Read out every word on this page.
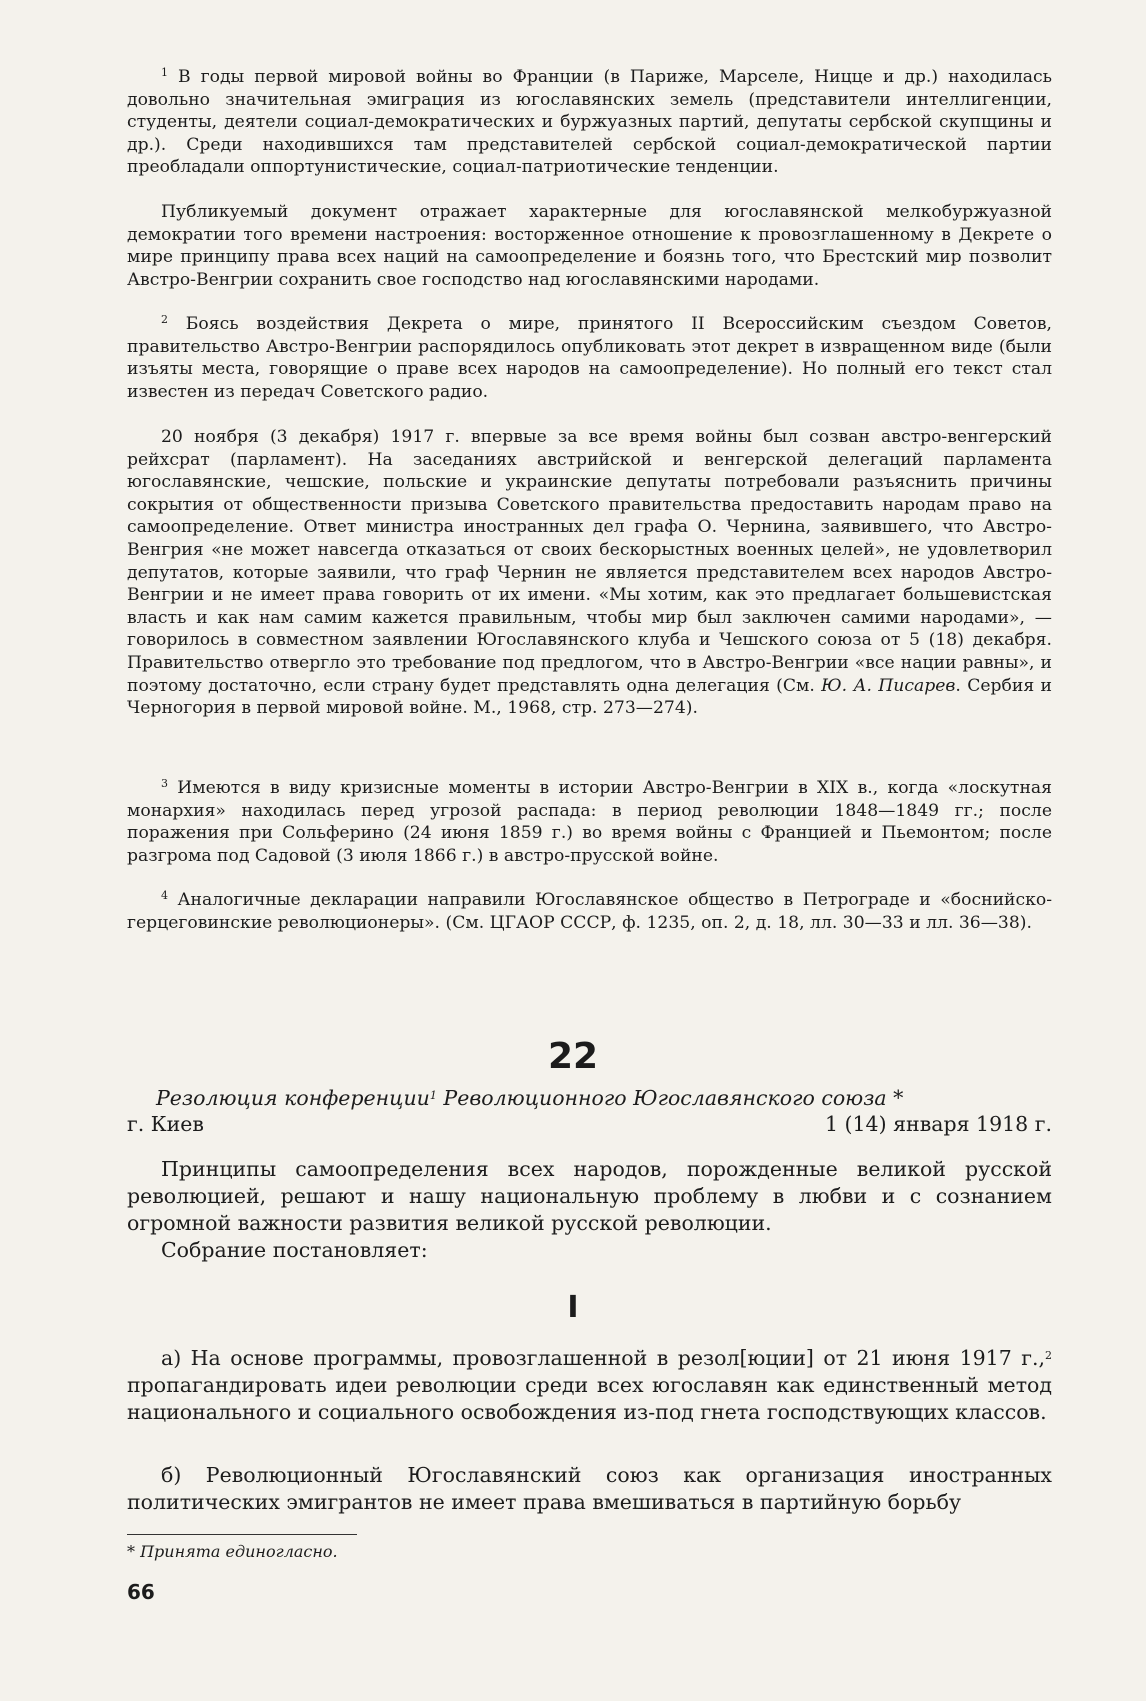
$^1$ В годы первой мировой войны во Франции (в Париже, Марселе, Ницце и др.) находилась довольно значительная эмиграция из югославянских земель (представители интеллигенции, студенты, деятели социал-демократических и буржуазных партий, депутаты сербской скупщины и др.). Среди находившихся там представителей сербской социал-демократической партии преобладали оппортунистические, социал-патриотические тенденции.

Публикуемый документ отражает характерные для югославянской мелкобуржуазной демократии того времени настроения: восторженное отношение к провозглашенному в Декрете о мире принципу права всех наций на самоопределение и боязнь того, что Брестский мир позволит Австро-Венгрии сохранить свое господство над югославянскими народами.

$^2$ Боясь воздействия Декрета о мире, принятого II Всероссийским съездом Советов, правительство Австро-Венгрии распорядилось опубликовать этот декрет в извращенном виде (были изъяты места, говорящие о праве всех народов на самоопределение). Но полный его текст стал известен из передач Советского радио.

20 ноября (3 декабря) 1917 г. впервые за все время войны был созван австро-венгерский рейхсрат (парламент). На заседаниях австрийской и венгерской делегаций парламента югославянские, чешские, польские и украинские депутаты потребовали разъяснить причины сокрытия от общественности призыва Советского правительства предоставить народам право на самоопределение. Ответ министра иностранных дел графа О. Чернина, заявившего, что Австро-Венгрия «не может навсегда отказаться от своих бескорыстных военных целей», не удовлетворил депутатов, которые заявили, что граф Чернин не является представителем всех народов Австро-Венгрии и не имеет права говорить от их имени. «Мы хотим, как это предлагает большевистская власть и как нам самим кажется правильным, чтобы мир был заключен самими народами», — говорилось в совместном заявлении Югославянского клуба и Чешского союза от 5 (18) декабря. Правительство отвергло это требование под предлогом, что в Австро-Венгрии «все нации равны», и поэтому достаточно, если страну будет представлять одна делегация (См. Ю. А. Писарев. Сербия и Черногория в первой мировой войне. М., 1968, стр. 273—274).

$^3$ Имеются в виду кризисные моменты в истории Австро-Венгрии в XIX в., когда «лоскутная монархия» находилась перед угрозой распада: в период революции 1848—1849 гг.; после поражения при Сольферино (24 июня 1859 г.) во время войны с Францией и Пьемонтом; после разгрома под Садовой (3 июля 1866 г.) в австро-прусской войне.

$^4$ Аналогичные декларации направили Югославянское общество в Петрограде и «боснийско-герцеговинские революционеры». (См. ЦГАОР СССР, ф. 1235, оп. 2, д. 18, лл. 30—33 и лл. 36—38).

22
Резолюция конференции$^1$ Революционного Югославянского союза *
г. Киев	1 (14) января 1918 г.

Принципы самоопределения всех народов, порожденные великой русской революцией, решают и нашу национальную проблему в любви и с сознанием огромной важности развития великой русской революции.

Собрание постановляет:

I

а) На основе программы, провозглашенной в резол[юции] от 21 июня 1917 г.,$^2$ пропагандировать идеи революции среди всех югославян как единственный метод национального и социального освобождения из-под гнета господствующих классов.

б) Революционный Югославянский союз как организация иностранных политических эмигрантов не имеет права вмешиваться в партийную борьбу

* Принята единогласно.
66
